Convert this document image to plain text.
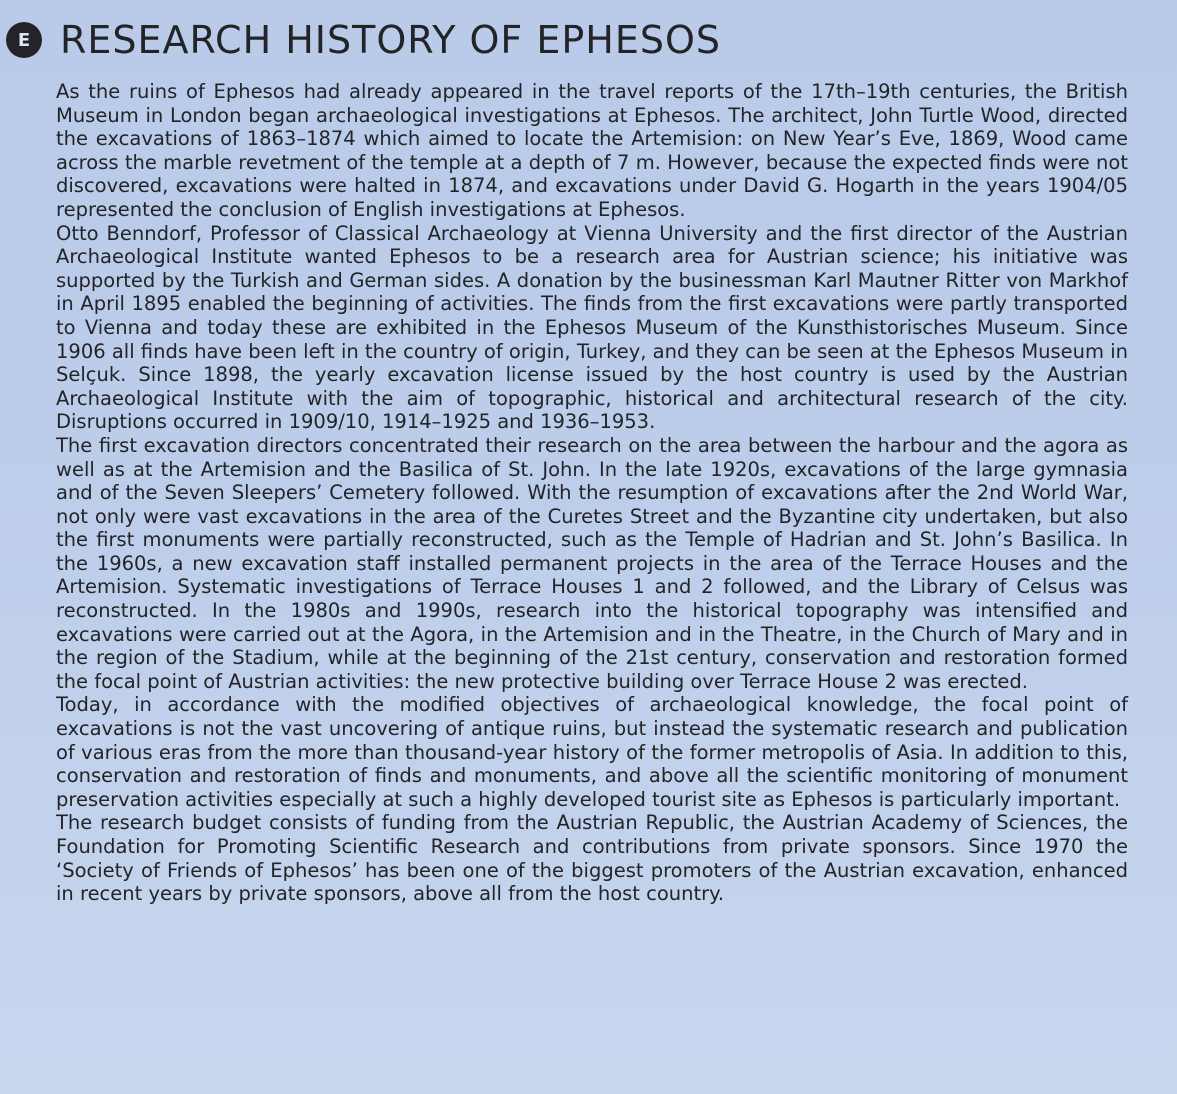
E RESEARCH HISTORY OF EPHESOS

As the ruins of Ephesos had already appeared in the travel reports of the 17th–19th centuries, the British Museum in London began archaeological investigations at Ephesos. The architect, John Turtle Wood, directed the excavations of 1863–1874 which aimed to locate the Artemision: on New Year’s Eve, 1869, Wood came across the marble revetment of the temple at a depth of 7 m. However, because the expected finds were not discovered, excavations were halted in 1874, and excavations under David G. Hogarth in the years 1904/05 represented the conclusion of English investigations at Ephesos.

Otto Benndorf, Professor of Classical Archaeology at Vienna University and the first director of the Austrian Archaeological Institute wanted Ephesos to be a research area for Austrian science; his initiative was supported by the Turkish and German sides. A donation by the businessman Karl Mautner Ritter von Markhof in April 1895 enabled the beginning of activities. The finds from the first excavations were partly transported to Vienna and today these are exhibited in the Ephesos Museum of the Kunsthistorisches Museum. Since 1906 all finds have been left in the country of origin, Turkey, and they can be seen at the Ephesos Museum in Selçuk. Since 1898, the yearly excavation license issued by the host country is used by the Austrian Archaeological Institute with the aim of topographic, historical and architectural research of the city. Disruptions occurred in 1909/10, 1914–1925 and 1936–1953.

The first excavation directors concentrated their research on the area between the harbour and the agora as well as at the Artemision and the Basilica of St. John. In the late 1920s, excavations of the large gymnasia and of the Seven Sleepers’ Cemetery followed. With the resumption of excavations after the 2nd World War, not only were vast excavations in the area of the Curetes Street and the Byzantine city undertaken, but also the first monuments were partially reconstructed, such as the Temple of Hadrian and St. John’s Basilica. In the 1960s, a new excavation staff installed permanent projects in the area of the Terrace Houses and the Artemision. Systematic investigations of Terrace Houses 1 and 2 followed, and the Library of Celsus was reconstructed. In the 1980s and 1990s, research into the historical topography was intensified and excavations were carried out at the Agora, in the Artemision and in the Theatre, in the Church of Mary and in the region of the Stadium, while at the beginning of the 21st century, conservation and restoration formed the focal point of Austrian activities: the new protective building over Terrace House 2 was erected.

Today, in accordance with the modified objectives of archaeological knowledge, the focal point of excavations is not the vast uncovering of antique ruins, but instead the systematic research and publication of various eras from the more than thousand-year history of the former metropolis of Asia. In addition to this, conservation and restoration of finds and monuments, and above all the scientific monitoring of monument preservation activities especially at such a highly developed tourist site as Ephesos is particularly important.

The research budget consists of funding from the Austrian Republic, the Austrian Academy of Sciences, the Foundation for Promoting Scientific Research and contributions from private sponsors. Since 1970 the ‘Society of Friends of Ephesos’ has been one of the biggest promoters of the Austrian excavation, enhanced in recent years by private sponsors, above all from the host country.
